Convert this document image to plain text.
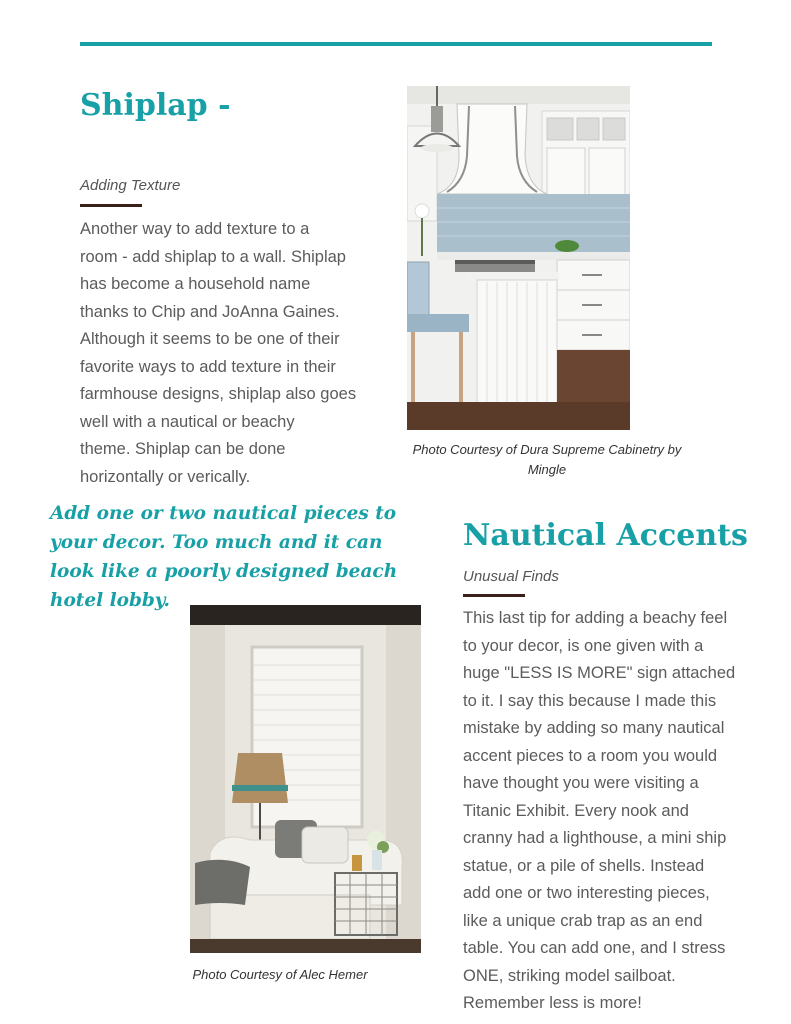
Shiplap -
Adding Texture
Another way to add texture to a
room - add shiplap to a wall. Shiplap
has become a household name
thanks to Chip and JoAnna Gaines.
Although it seems to be one of their
favorite ways to add texture in their
farmhouse designs, shiplap also goes
well with a nautical or beachy
theme. Shiplap can be done
horizontally or verically.
Photo Courtesy of Dura Supreme Cabinetry by
Mingle
Add one or two nautical pieces to
your decor. Too much and it can
look like a poorly designed beach
hotel lobby.
Photo Courtesy of Alec Hemer
Nautical Accents
Unusual Finds
This last tip for adding a beachy feel
to your decor, is one given with a
huge "LESS IS MORE" sign attached
to it. I say this because I made this
mistake by adding so many nautical
accent pieces to a room you would
have thought you were visiting a
Titanic Exhibit. Every nook and
cranny had a lighthouse, a mini ship
statue, or a pile of shells. Instead
add one or two interesting pieces,
like a unique crab trap as an end
table. You can add one, and I stress
ONE, striking model sailboat.
Remember less is more!
